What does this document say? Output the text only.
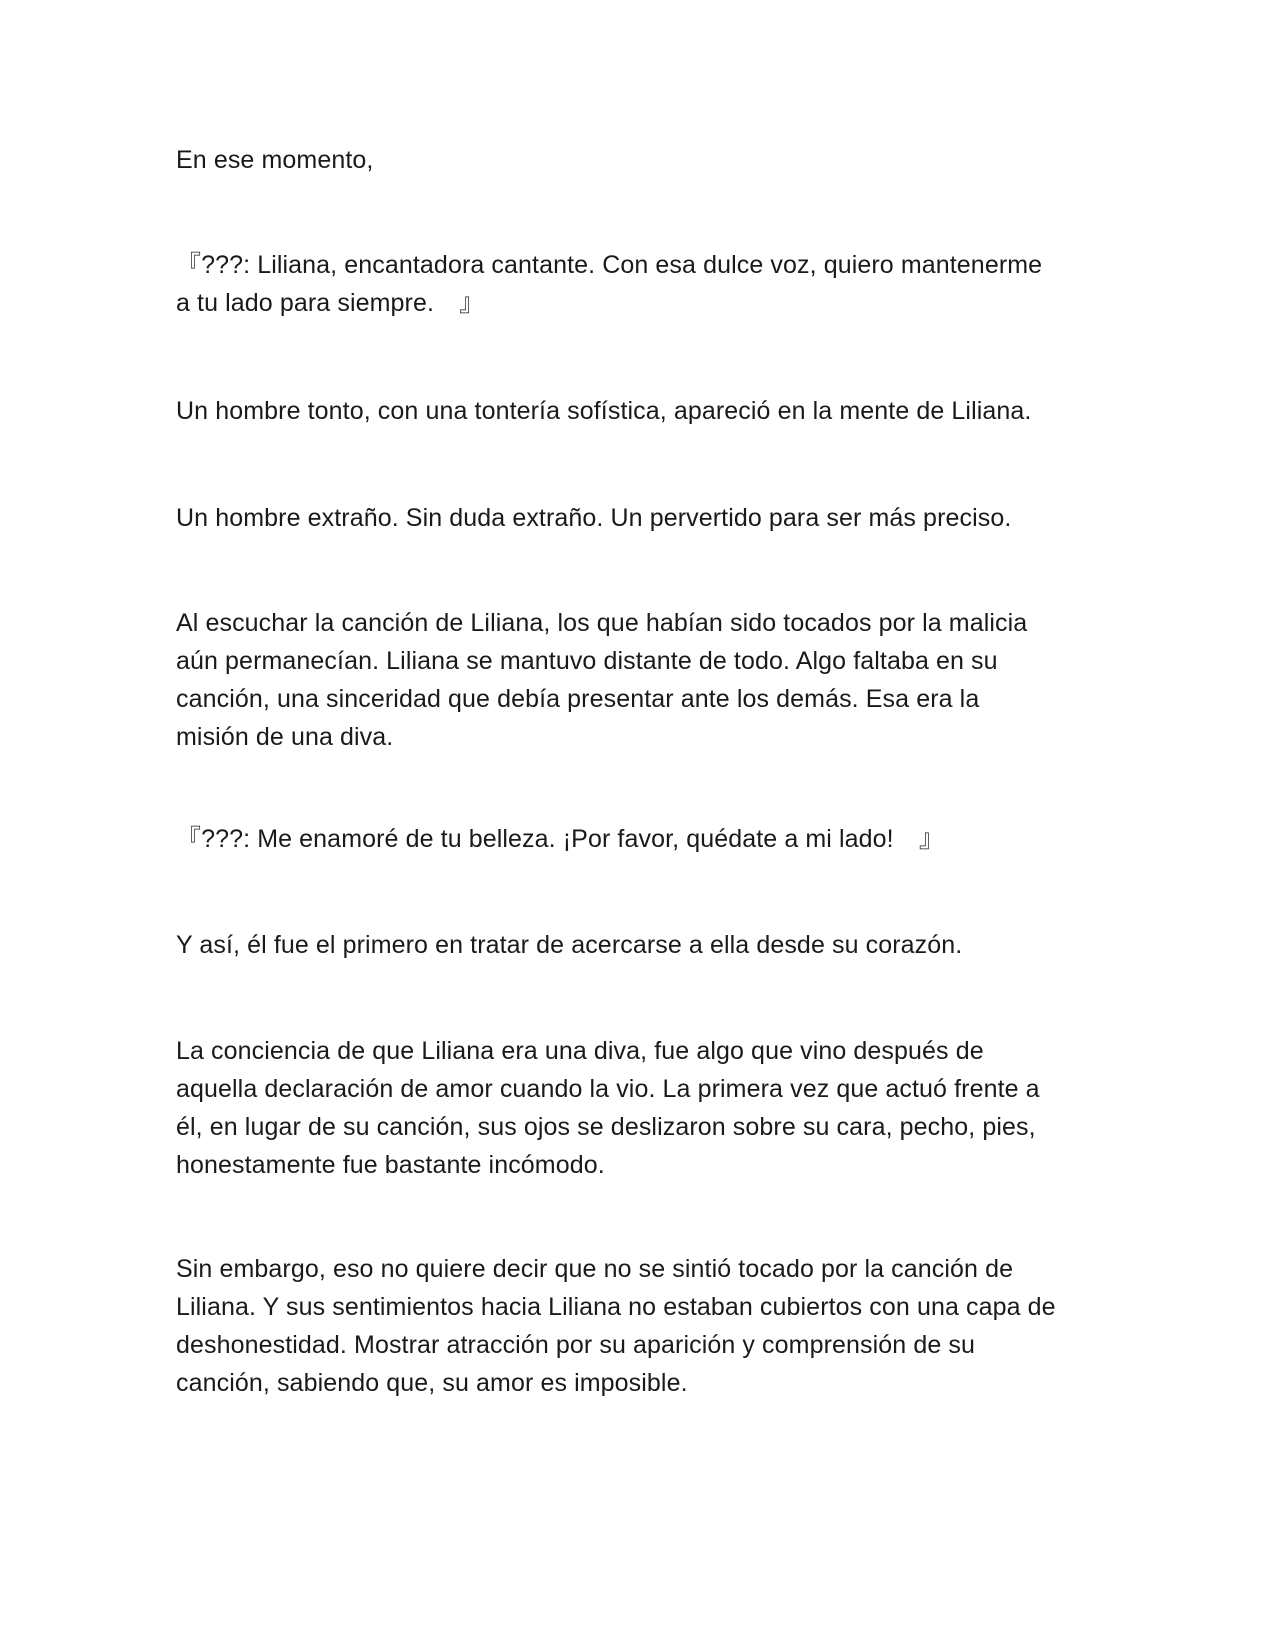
En ese momento,

『???: Liliana, encantadora cantante. Con esa dulce voz, quiero mantenerme
a tu lado para siempre.　』

Un hombre tonto, con una tontería sofística, apareció en la mente de Liliana.

Un hombre extraño. Sin duda extraño. Un pervertido para ser más preciso.

Al escuchar la canción de Liliana, los que habían sido tocados por la malicia
aún permanecían. Liliana se mantuvo distante de todo. Algo faltaba en su
canción, una sinceridad que debía presentar ante los demás. Esa era la
misión de una diva.

『???: Me enamoré de tu belleza. ¡Por favor, quédate a mi lado!　』

Y así, él fue el primero en tratar de acercarse a ella desde su corazón.

La conciencia de que Liliana era una diva, fue algo que vino después de
aquella declaración de amor cuando la vio. La primera vez que actuó frente a
él, en lugar de su canción, sus ojos se deslizaron sobre su cara, pecho, pies,
honestamente fue bastante incómodo.

Sin embargo, eso no quiere decir que no se sintió tocado por la canción de
Liliana. Y sus sentimientos hacia Liliana no estaban cubiertos con una capa de
deshonestidad. Mostrar atracción por su aparición y comprensión de su
canción, sabiendo que, su amor es imposible.
